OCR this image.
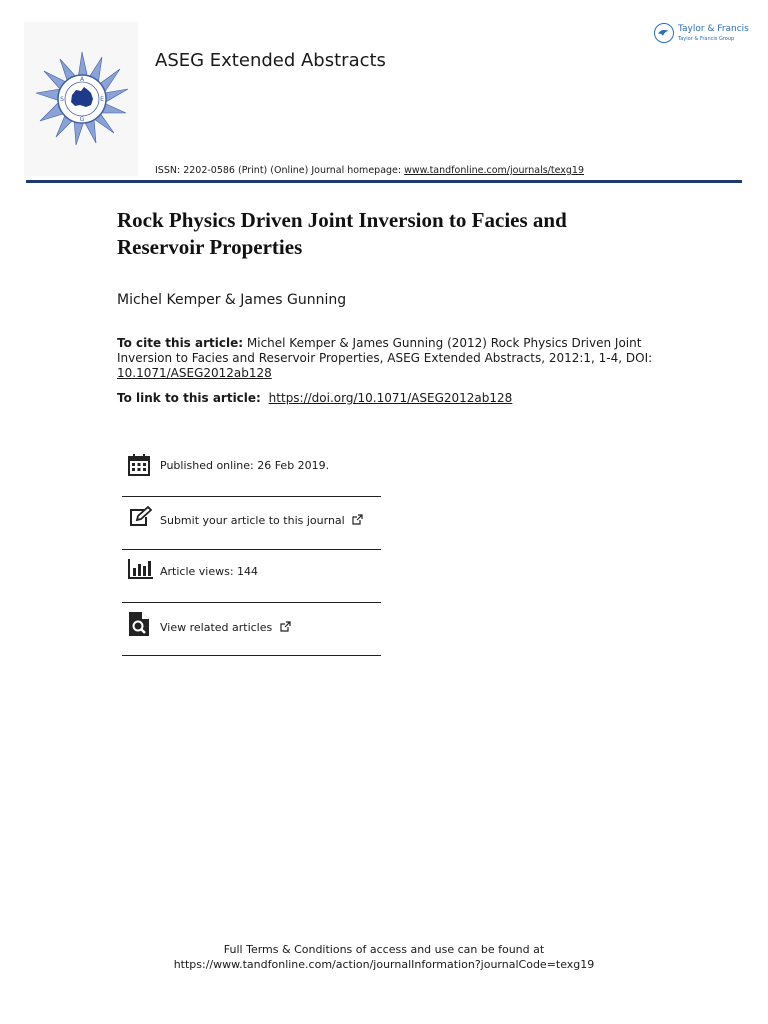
A
E
G
S
ASEG Extended Abstracts
Taylor & Francis
Taylor & Francis Group
ISSN: 2202-0586 (Print) (Online) Journal homepage: www.tandfonline.com/journals/texg19
Rock Physics Driven Joint Inversion to Facies and Reservoir Properties
Michel Kemper & James Gunning
To cite this article: Michel Kemper & James Gunning (2012) Rock Physics Driven Joint Inversion to Facies and Reservoir Properties, ASEG Extended Abstracts, 2012:1, 1-4, DOI: 10.1071/ASEG2012ab128
To link to this article: https://doi.org/10.1071/ASEG2012ab128
Published online: 26 Feb 2019.
Submit your article to this journal
Article views: 144
View related articles
Full Terms & Conditions of access and use can be found at
https://www.tandfonline.com/action/journalInformation?journalCode=texg19
